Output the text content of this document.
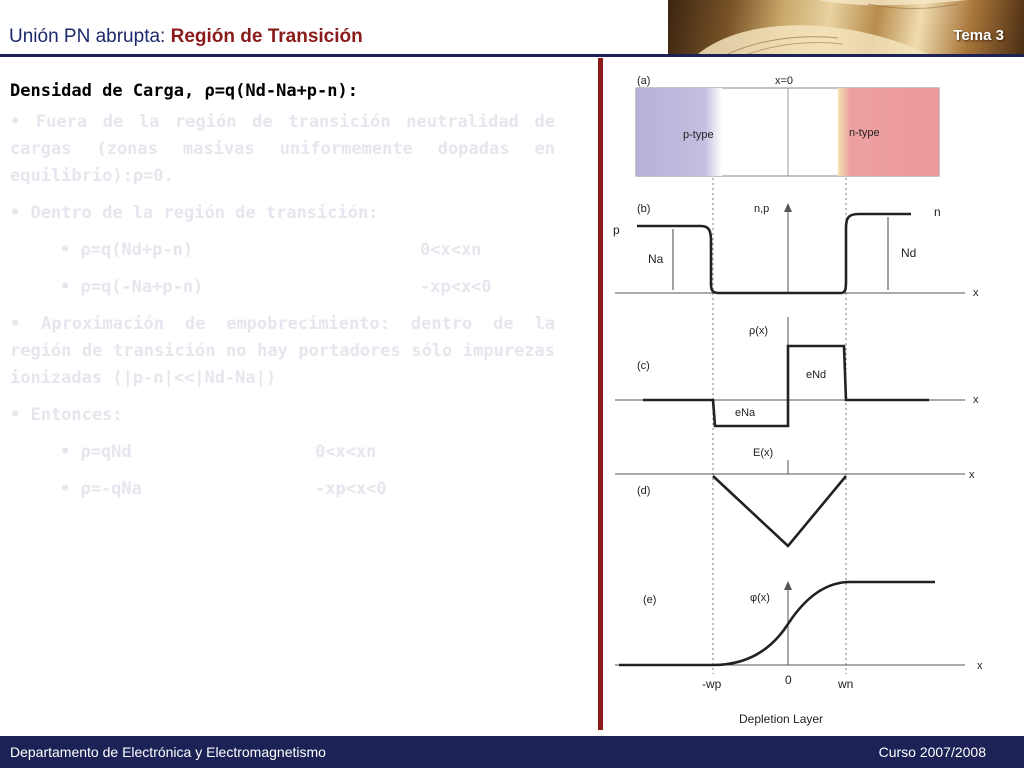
Unión PN abrupta: Región de Transición	Tema 3
Densidad de Carga, ρ=q(Nd-Na+p-n):
• Fuera de la región de transición neutralidad de cargas (zonas masivas uniformemente dopadas en equilibrio):ρ=0.
• Dentro de la región de transición:
• ρ=q(Nd+p-n)	0<x<xn
• ρ=q(-Na+p-n)	-xp<x<0
• Aproximación de empobrecimiento: dentro de la región de transición no hay portadores sólo impurezas ionizadas (|p-n|<<|Nd-Na|)
• Entonces:
• ρ=qNd	0<x<xn
• ρ=-qNa	-xp<x<0
(a)	x=0
p-type	n-type
(b)	n,p
p
n
x
Na	Nd
ρ(x)
(c)
x
eNa
eNd
E(x)
x
(d)
φ(x)
(e)
x
-wp	0	wn
Depletion Layer
Departamento de Electrónica y Electromagnetismo	Curso 2007/2008
